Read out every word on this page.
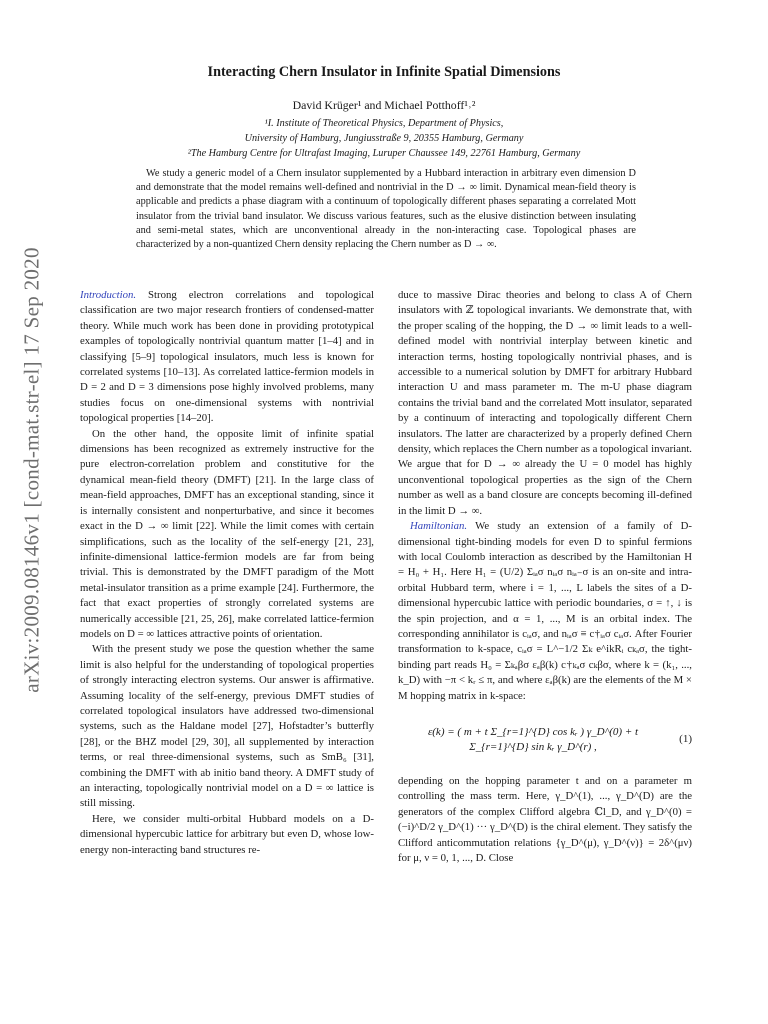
arXiv:2009.08146v1 [cond-mat.str-el] 17 Sep 2020
Interacting Chern Insulator in Infinite Spatial Dimensions
David Krüger¹ and Michael Potthoff¹˒²
¹I. Institute of Theoretical Physics, Department of Physics,
University of Hamburg, Jungiusstraße 9, 20355 Hamburg, Germany
²The Hamburg Centre for Ultrafast Imaging, Luruper Chaussee 149, 22761 Hamburg, Germany
We study a generic model of a Chern insulator supplemented by a Hubbard interaction in arbitrary even dimension D and demonstrate that the model remains well-defined and nontrivial in the D → ∞ limit. Dynamical mean-field theory is applicable and predicts a phase diagram with a continuum of topologically different phases separating a correlated Mott insulator from the trivial band insulator. We discuss various features, such as the elusive distinction between insulating and semi-metal states, which are unconventional already in the non-interacting case. Topological phases are characterized by a non-quantized Chern density replacing the Chern number as D → ∞.

Introduction. Strong electron correlations and topological classification are two major research frontiers of condensed-matter theory. While much work has been done in providing prototypical examples of topologically nontrivial quantum matter [1–4] and in classifying [5–9] topological insulators, much less is known for correlated systems [10–13]. As correlated lattice-fermion models in D = 2 and D = 3 dimensions pose highly involved problems, many studies focus on one-dimensional systems with nontrivial topological properties [14–20].

On the other hand, the opposite limit of infinite spatial dimensions has been recognized as extremely instructive for the pure electron-correlation problem and constitutive for the dynamical mean-field theory (DMFT) [21]. In the large class of mean-field approaches, DMFT has an exceptional standing, since it is internally consistent and nonperturbative, and since it becomes exact in the D → ∞ limit [22]. While the limit comes with certain simplifications, such as the locality of the self-energy [21, 23], infinite-dimensional lattice-fermion models are far from being trivial. This is demonstrated by the DMFT paradigm of the Mott metal-insulator transition as a prime example [24]. Furthermore, the fact that exact properties of strongly correlated systems are numerically accessible [21, 25, 26], make correlated lattice-fermion models on D = ∞ lattices attractive points of orientation.

With the present study we pose the question whether the same limit is also helpful for the understanding of topological properties of strongly interacting electron systems. Our answer is affirmative. Assuming locality of the self-energy, previous DMFT studies of correlated topological insulators have addressed two-dimensional systems, such as the Haldane model [27], Hofstadter’s butterfly [28], or the BHZ model [29, 30], all supplemented by interaction terms, or real three-dimensional systems, such as SmB₆ [31], combining the DMFT with ab initio band theory. A DMFT study of an interacting, topologically nontrivial model on a D = ∞ lattice is still missing.

Here, we consider multi-orbital Hubbard models on a D-dimensional hypercubic lattice for arbitrary but even D, whose low-energy non-interacting band structures re-

duce to massive Dirac theories and belong to class A of Chern insulators with ℤ topological invariants. We demonstrate that, with the proper scaling of the hopping, the D → ∞ limit leads to a well-defined model with nontrivial interplay between kinetic and interaction terms, hosting topologically nontrivial phases, and is accessible to a numerical solution by DMFT for arbitrary Hubbard interaction U and mass parameter m. The m-U phase diagram contains the trivial band and the correlated Mott insulator, separated by a continuum of interacting and topologically different Chern insulators. The latter are characterized by a properly defined Chern density, which replaces the Chern number as a topological invariant. We argue that for D → ∞ already the U = 0 model has highly unconventional topological properties as the sign of the Chern number as well as a band closure are concepts becoming ill-defined in the limit D → ∞.

Hamiltonian. We study an extension of a family of D-dimensional tight-binding models for even D to spinful fermions with local Coulomb interaction as described by the Hamiltonian H = H₀ + H₁. Here H₁ = (U/2) Σᵢₐσ nᵢₐσ nᵢₐ₋σ is an on-site and intra-orbital Hubbard term, where i = 1, ..., L labels the sites of a D-dimensional hypercubic lattice with periodic boundaries, σ = ↑, ↓ is the spin projection, and α = 1, ..., M is an orbital index. The corresponding annihilator is cᵢₐσ, and nᵢₐσ ≡ c†ᵢₐσ cᵢₐσ. After Fourier transformation to k-space, cᵢₐσ = L^−1/2 Σₖ e^ikRᵢ cₖₐσ, the tight-binding part reads H₀ = Σₖₐβσ εₐβ(k) c†ₖₐσ cₖβσ, where k = (k₁, ..., k_D) with −π < kᵣ ≤ π, and where εₐβ(k) are the elements of the M × M hopping matrix in k-space:

ε(k) = ( m + t Σ_{r=1}^{D} cos kᵣ ) γ_D^(0) + t Σ_{r=1}^{D} sin kᵣ γ_D^(r) ,
(1)

depending on the hopping parameter t and on a parameter m controlling the mass term. Here, γ_D^(1), ..., γ_D^(D) are the generators of the complex Clifford algebra ℂl_D, and γ_D^(0) = (−i)^D/2 γ_D^(1) ··· γ_D^(D) is the chiral element. They satisfy the Clifford anticommutation relations {γ_D^(μ), γ_D^(ν)} = 2δ^(μν) for μ, ν = 0, 1, ..., D. Close
